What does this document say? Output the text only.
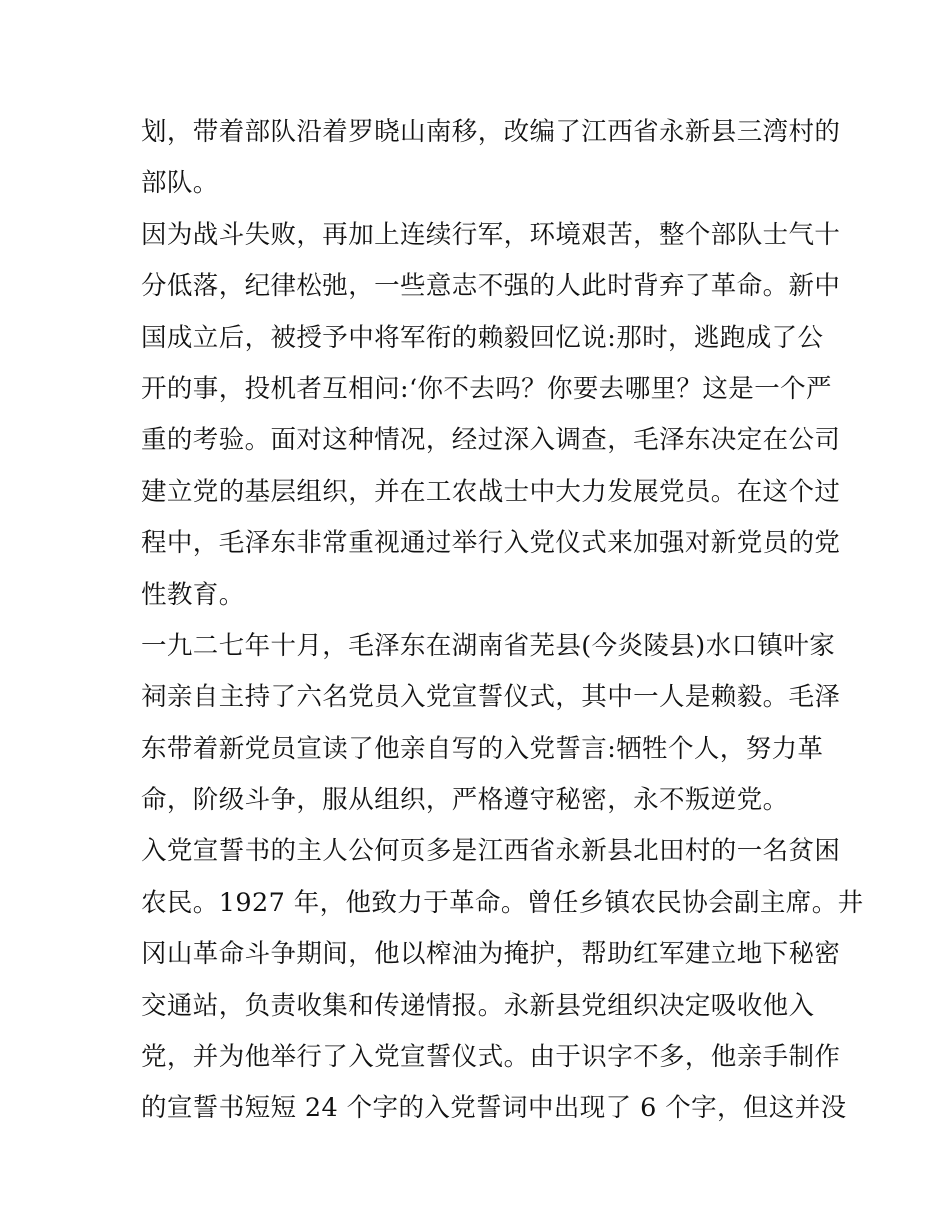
划，带着部队沿着罗晓山南移，改编了江西省永新县三湾村的
部队。
因为战斗失败，再加上连续行军，环境艰苦，整个部队士气十
分低落，纪律松弛，一些意志不强的人此时背弃了革命。新中
国成立后，被授予中将军衔的赖毅回忆说:那时，逃跑成了公
开的事，投机者互相问:‘你不去吗？你要去哪里？这是一个严
重的考验。面对这种情况，经过深入调查，毛泽东决定在公司
建立党的基层组织，并在工农战士中大力发展党员。在这个过
程中，毛泽东非常重视通过举行入党仪式来加强对新党员的党
性教育。
一九二七年十月，毛泽东在湖南省芜县(今炎陵县)水口镇叶家
祠亲自主持了六名党员入党宣誓仪式，其中一人是赖毅。毛泽
东带着新党员宣读了他亲自写的入党誓言:牺牲个人，努力革
命，阶级斗争，服从组织，严格遵守秘密，永不叛逆党。
入党宣誓书的主人公何页多是江西省永新县北田村的一名贫困
农民。1927 年，他致力于革命。曾任乡镇农民协会副主席。井
冈山革命斗争期间，他以榨油为掩护，帮助红军建立地下秘密
交通站，负责收集和传递情报。永新县党组织决定吸收他入
党，并为他举行了入党宣誓仪式。由于识字不多，他亲手制作
的宣誓书短短 24 个字的入党誓词中出现了 6 个字，但这并没
